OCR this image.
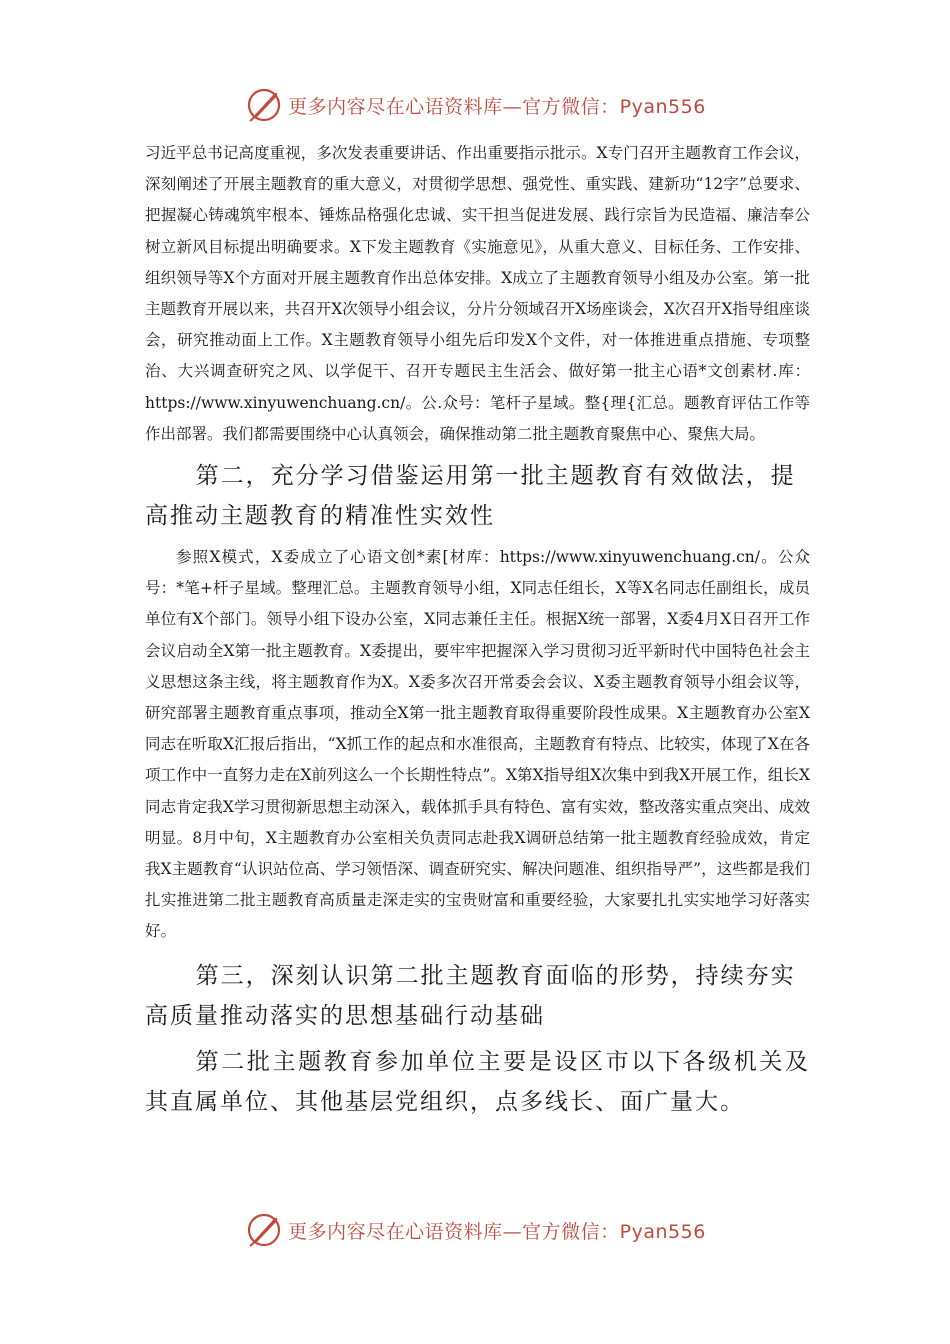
更多内容尽在心语资料库—官方微信：Pyan556

习近平总书记高度重视，多次发表重要讲话、作出重要指示批示。X专门召开主题教育工作会议，深刻阐述了开展主题教育的重大意义，对贯彻学思想、强党性、重实践、建新功“12字”总要求、把握凝心铸魂筑牢根本、锤炼品格强化忠诚、实干担当促进发展、践行宗旨为民造福、廉洁奉公树立新风目标提出明确要求。X下发主题教育《实施意见》，从重大意义、目标任务、工作安排、组织领导等X个方面对开展主题教育作出总体安排。X成立了主题教育领导小组及办公室。第一批主题教育开展以来，共召开X次领导小组会议，分片分领域召开X场座谈会，X次召开X指导组座谈会，研究推动面上工作。X主题教育领导小组先后印发X个文件，对一体推进重点措施、专项整治、大兴调查研究之风、以学促干、召开专题民主生活会、做好第一批主心语*文创素材.库：https://www.xinyuwenchuang.cn/。公.众号：笔杆子星域。整{理{汇总。题教育评估工作等作出部署。我们都需要围绕中心认真领会，确保推动第二批主题教育聚焦中心、聚焦大局。

第二，充分学习借鉴运用第一批主题教育有效做法，提高推动主题教育的精准性实效性

参照X模式，X委成立了心语文创*素[材库：https://www.xinyuwenchuang.cn/。公众号：*笔+杆子星域。整理汇总。主题教育领导小组，X同志任组长，X等X名同志任副组长，成员单位有X个部门。领导小组下设办公室，X同志兼任主任。根据X统一部署，X委4月X日召开工作会议启动全X第一批主题教育。X委提出，要牢牢把握深入学习贯彻习近平新时代中国特色社会主义思想这条主线，将主题教育作为X。X委多次召开常委会会议、X委主题教育领导小组会议等，研究部署主题教育重点事项，推动全X第一批主题教育取得重要阶段性成果。X主题教育办公室X同志在听取X汇报后指出，“X抓工作的起点和水准很高，主题教育有特点、比较实，体现了X在各项工作中一直努力走在X前列这么一个长期性特点”。X第X指导组X次集中到我X开展工作，组长X同志肯定我X学习贯彻新思想主动深入，载体抓手具有特色、富有实效，整改落实重点突出、成效明显。8月中旬，X主题教育办公室相关负责同志赴我X调研总结第一批主题教育经验成效，肯定我X主题教育“认识站位高、学习领悟深、调查研究实、解决问题准、组织指导严”，这些都是我们扎实推进第二批主题教育高质量走深走实的宝贵财富和重要经验，大家要扎扎实实地学习好落实好。

第三，深刻认识第二批主题教育面临的形势，持续夯实高质量推动落实的思想基础行动基础

第二批主题教育参加单位主要是设区市以下各级机关及其直属单位、其他基层党组织，点多线长、面广量大。

更多内容尽在心语资料库—官方微信：Pyan556
